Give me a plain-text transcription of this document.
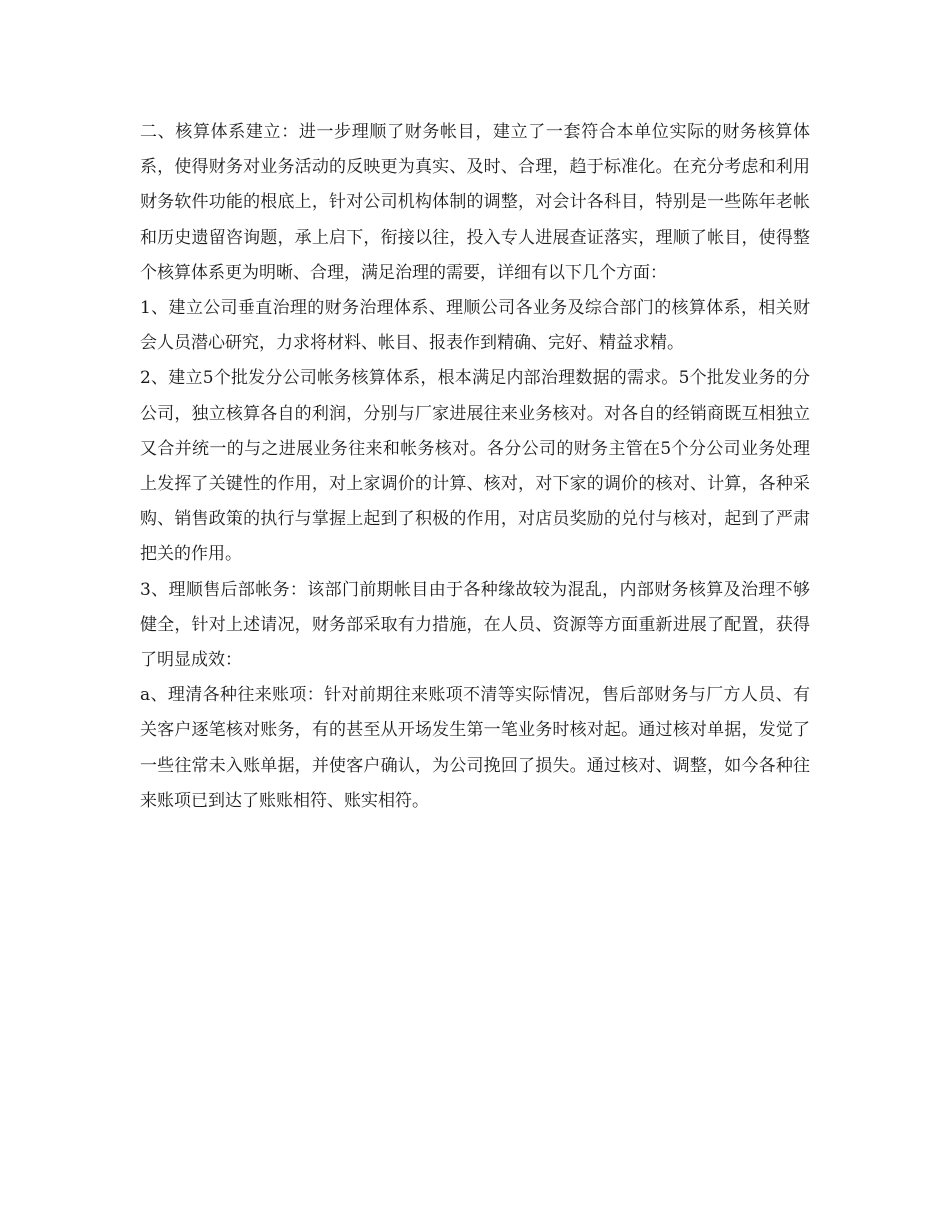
二、核算体系建立：进一步理顺了财务帐目，建立了一套符合本单位实际的财务核算体系，使得财务对业务活动的反映更为真实、及时、合理，趋于标准化。在充分考虑和利用财务软件功能的根底上，针对公司机构体制的调整，对会计各科目，特别是一些陈年老帐和历史遗留咨询题，承上启下，衔接以往，投入专人进展查证落实，理顺了帐目，使得整个核算体系更为明晰、合理，满足治理的需要，详细有以下几个方面：

1、建立公司垂直治理的财务治理体系、理顺公司各业务及综合部门的核算体系，相关财会人员潜心研究，力求将材料、帐目、报表作到精确、完好、精益求精。

2、建立5个批发分公司帐务核算体系，根本满足内部治理数据的需求。5个批发业务的分公司，独立核算各自的利润，分别与厂家进展往来业务核对。对各自的经销商既互相独立又合并统一的与之进展业务往来和帐务核对。各分公司的财务主管在5个分公司业务处理上发挥了关键性的作用，对上家调价的计算、核对，对下家的调价的核对、计算，各种采购、销售政策的执行与掌握上起到了积极的作用，对店员奖励的兑付与核对，起到了严肃把关的作用。

3、理顺售后部帐务：该部门前期帐目由于各种缘故较为混乱，内部财务核算及治理不够健全，针对上述请况，财务部采取有力措施，在人员、资源等方面重新进展了配置，获得了明显成效：

a、理清各种往来账项：针对前期往来账项不清等实际情况，售后部财务与厂方人员、有关客户逐笔核对账务，有的甚至从开场发生第一笔业务时核对起。通过核对单据，发觉了一些往常未入账单据，并使客户确认，为公司挽回了损失。通过核对、调整，如今各种往来账项已到达了账账相符、账实相符。
